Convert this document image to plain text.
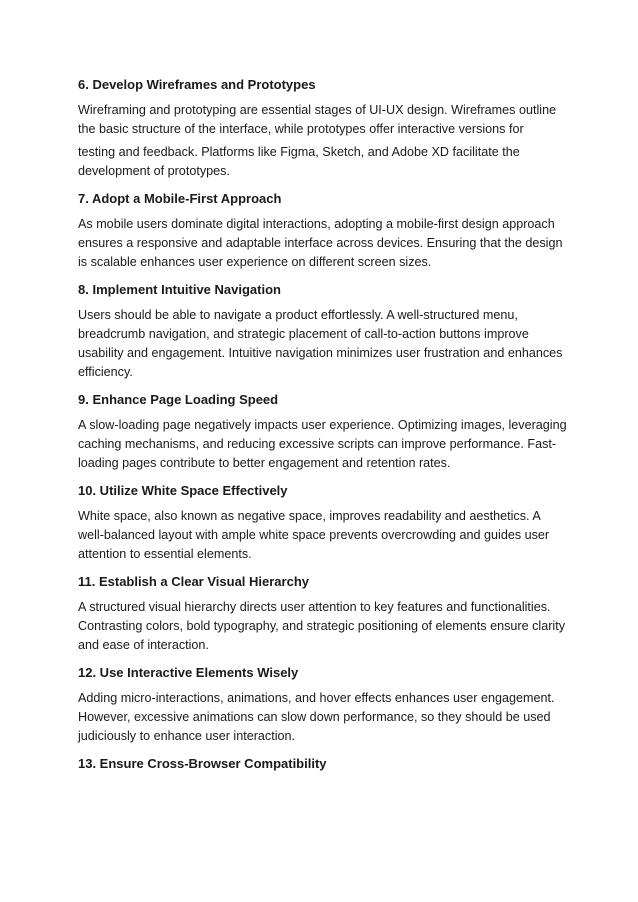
6. Develop Wireframes and Prototypes

Wireframing and prototyping are essential stages of UI-UX design. Wireframes outline the basic structure of the interface, while prototypes offer interactive versions for

testing and feedback. Platforms like Figma, Sketch, and Adobe XD facilitate the development of prototypes.

7. Adopt a Mobile-First Approach

As mobile users dominate digital interactions, adopting a mobile-first design approach ensures a responsive and adaptable interface across devices. Ensuring that the design is scalable enhances user experience on different screen sizes.

8. Implement Intuitive Navigation

Users should be able to navigate a product effortlessly. A well-structured menu, breadcrumb navigation, and strategic placement of call-to-action buttons improve usability and engagement. Intuitive navigation minimizes user frustration and enhances efficiency.

9. Enhance Page Loading Speed

A slow-loading page negatively impacts user experience. Optimizing images, leveraging caching mechanisms, and reducing excessive scripts can improve performance. Fast-loading pages contribute to better engagement and retention rates.

10. Utilize White Space Effectively

White space, also known as negative space, improves readability and aesthetics. A well-balanced layout with ample white space prevents overcrowding and guides user attention to essential elements.

11. Establish a Clear Visual Hierarchy

A structured visual hierarchy directs user attention to key features and functionalities. Contrasting colors, bold typography, and strategic positioning of elements ensure clarity and ease of interaction.

12. Use Interactive Elements Wisely

Adding micro-interactions, animations, and hover effects enhances user engagement. However, excessive animations can slow down performance, so they should be used judiciously to enhance user interaction.

13. Ensure Cross-Browser Compatibility
